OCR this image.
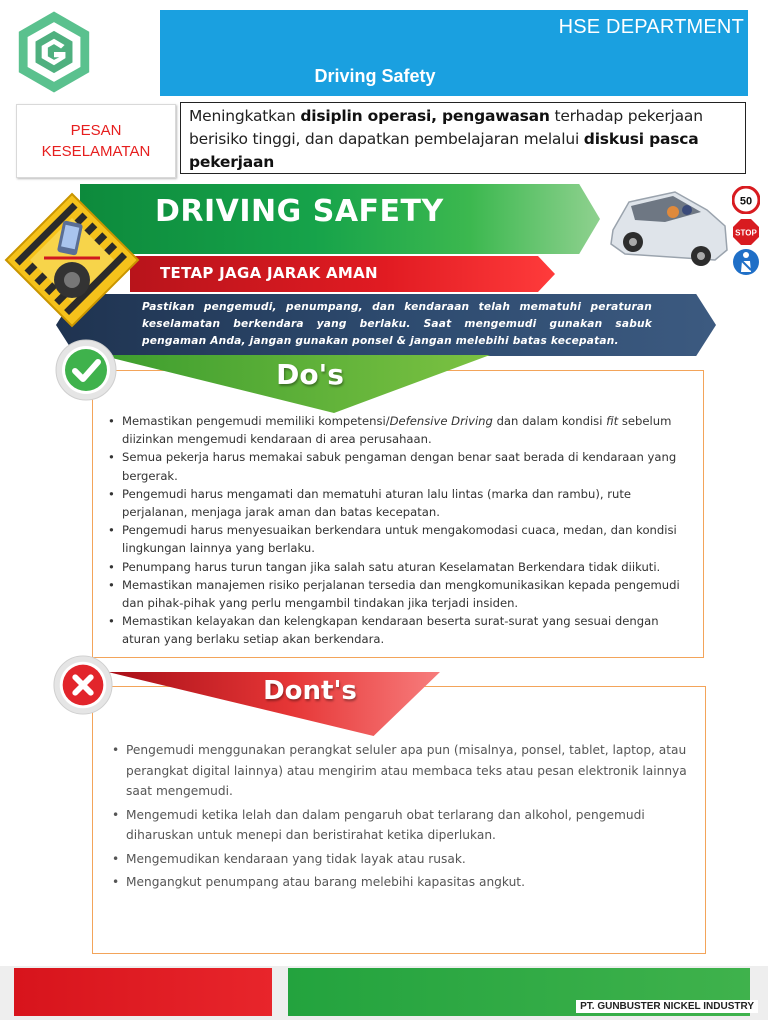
HSE DEPARTMENT
Driving Safety
PESAN
KESELAMATAN
Meningkatkan disiplin operasi, pengawasan terhadap pekerjaan berisiko tinggi, dan dapatkan pembelajaran melalui diskusi pasca pekerjaan
DRIVING SAFETY
TETAP JAGA JARAK AMAN
Pastikan pengemudi, penumpang, dan kendaraan telah mematuhi peraturan keselamatan berkendara yang berlaku. Saat mengemudi gunakan sabuk pengaman Anda, jangan gunakan ponsel & jangan melebihi batas kecepatan.
50
STOP
Do's
• Memastikan pengemudi memiliki kompetensi/Defensive Driving dan dalam kondisi fit sebelum diizinkan mengemudi kendaraan di area perusahaan.
• Semua pekerja harus memakai sabuk pengaman dengan benar saat berada di kendaraan yang bergerak.
• Pengemudi harus mengamati dan mematuhi aturan lalu lintas (marka dan rambu), rute perjalanan, menjaga jarak aman dan batas kecepatan.
• Pengemudi harus menyesuaikan berkendara untuk mengakomodasi cuaca, medan, dan kondisi lingkungan lainnya yang berlaku.
• Penumpang harus turun tangan jika salah satu aturan Keselamatan Berkendara tidak diikuti.
• Memastikan manajemen risiko perjalanan tersedia dan mengkomunikasikan kepada pengemudi dan pihak-pihak yang perlu mengambil tindakan jika terjadi insiden.
• Memastikan kelayakan dan kelengkapan kendaraan beserta surat-surat yang sesuai dengan aturan yang berlaku setiap akan berkendara.
Dont's
• Pengemudi menggunakan perangkat seluler apa pun (misalnya, ponsel, tablet, laptop, atau perangkat digital lainnya) atau mengirim atau membaca teks atau pesan elektronik lainnya saat mengemudi.
• Mengemudi ketika lelah dan dalam pengaruh obat terlarang dan alkohol, pengemudi diharuskan untuk menepi dan beristirahat ketika diperlukan.
• Mengemudikan kendaraan yang tidak layak atau rusak.
• Mengangkut penumpang atau barang melebihi kapasitas angkut.
PT. GUNBUSTER NICKEL INDUSTRY
